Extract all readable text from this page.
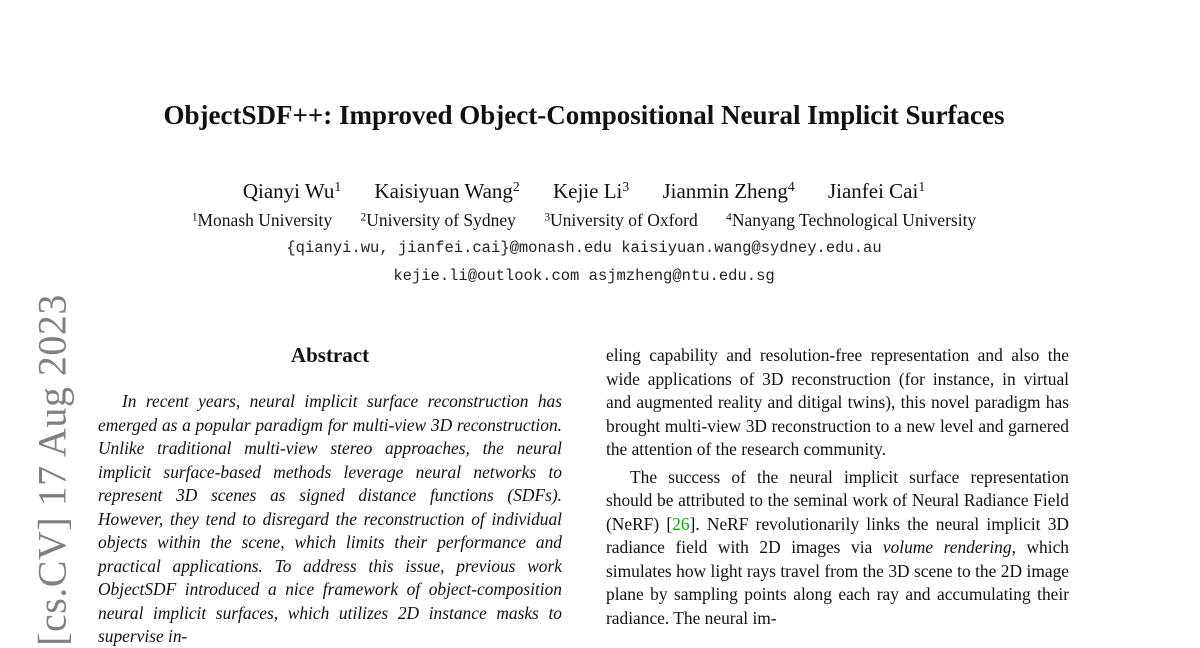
[cs.CV] 17 Aug 2023
ObjectSDF++: Improved Object-Compositional Neural Implicit Surfaces
Qianyi Wu$^1$ Kaisiyuan Wang$^2$ Kejie Li$^3$ Jianmin Zheng$^4$ Jianfei Cai$^1$
$^1$Monash University $^2$University of Sydney $^3$University of Oxford $^4$Nanyang Technological University
{qianyi.wu, jianfei.cai}@monash.edu kaisiyuan.wang@sydney.edu.au
kejie.li@outlook.com asjmzheng@ntu.edu.sg
Abstract

In recent years, neural implicit surface reconstruction has emerged as a popular paradigm for multi-view 3D reconstruction. Unlike traditional multi-view stereo approaches, the neural implicit surface-based methods leverage neural networks to represent 3D scenes as signed distance functions (SDFs). However, they tend to disregard the reconstruction of individual objects within the scene, which limits their performance and practical applications. To address this issue, previous work ObjectSDF introduced a nice framework of object-composition neural implicit surfaces, which utilizes 2D instance masks to supervise in-

eling capability and resolution-free representation and also the wide applications of 3D reconstruction (for instance, in virtual and augmented reality and ditigal twins), this novel paradigm has brought multi-view 3D reconstruction to a new level and garnered the attention of the research community.

The success of the neural implicit surface representation should be attributed to the seminal work of Neural Radiance Field (NeRF) [26]. NeRF revolutionarily links the neural implicit 3D radiance field with 2D images via volume rendering, which simulates how light rays travel from the 3D scene to the 2D image plane by sampling points along each ray and accumulating their radiance. The neural im-
